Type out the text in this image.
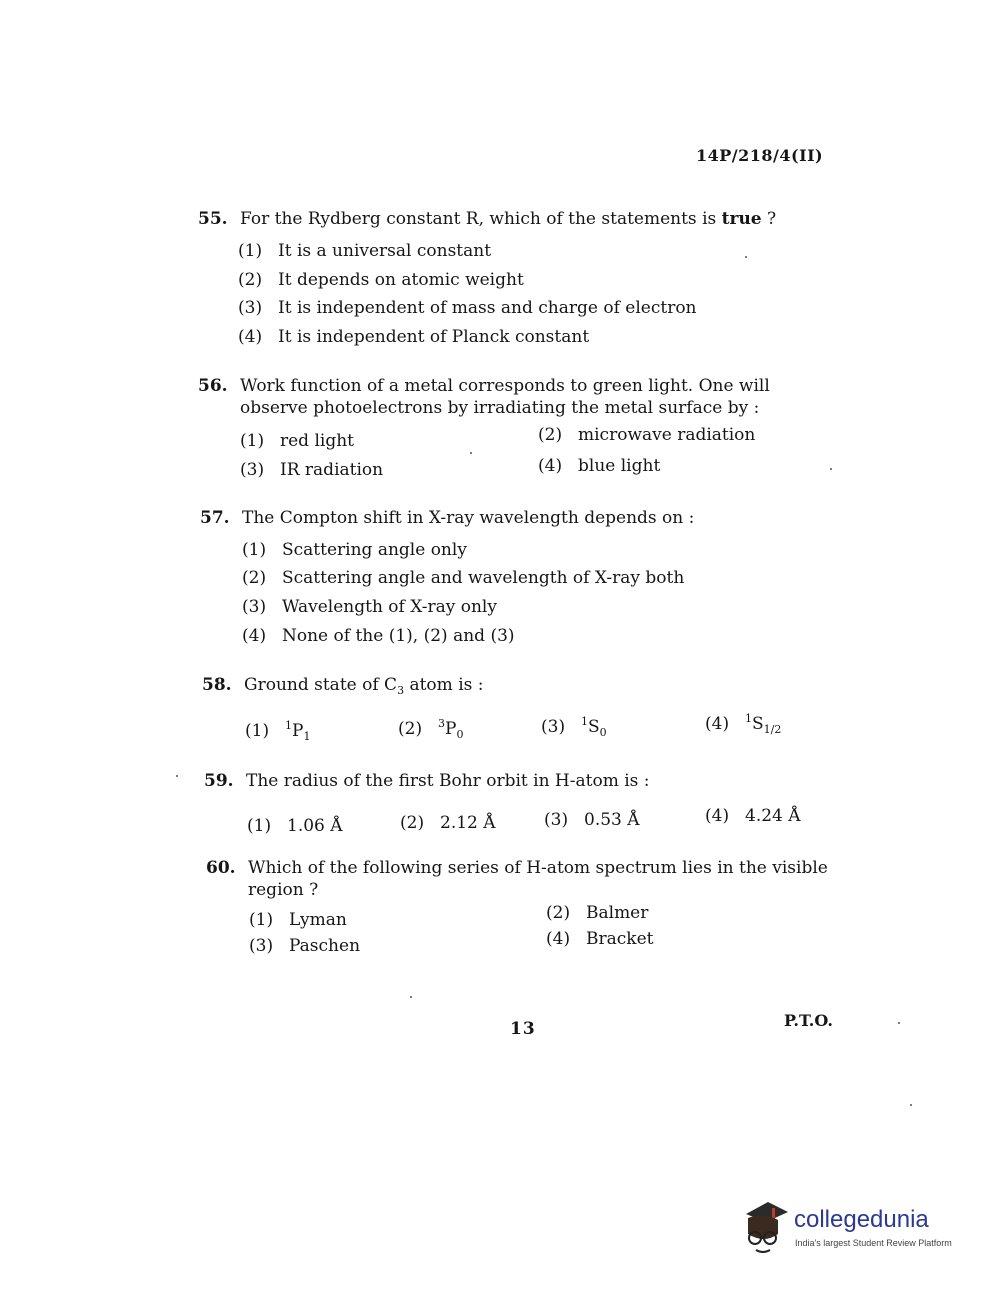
14P/218/4(II)
55. For the Rydberg constant R, which of the statements is true ?
(1) It is a universal constant
(2) It depends on atomic weight
(3) It is independent of mass and charge of electron
(4) It is independent of Planck constant
56. Work function of a metal corresponds to green light. One will observe photoelectrons by irradiating the metal surface by :
(1) red light	(2) microwave radiation
(3) IR radiation	(4) blue light
57. The Compton shift in X-ray wavelength depends on :
(1) Scattering angle only
(2) Scattering angle and wavelength of X-ray both
(3) Wavelength of X-ray only
(4) None of the (1), (2) and (3)
58. Ground state of $C_3$ atom is :
(1) $^1P_1$	(2) $^3P_0$	(3) $^1S_0$	(4) $^1S_{1/2}$
59. The radius of the first Bohr orbit in H-atom is :
(1) 1.06 Å	(2) 2.12 Å	(3) 0.53 Å	(4) 4.24 Å
60. Which of the following series of H-atom spectrum lies in the visible region ?
(1) Lyman	(2) Balmer
(3) Paschen	(4) Bracket
13	P.T.O.
collegedunia
India's largest Student Review Platform
